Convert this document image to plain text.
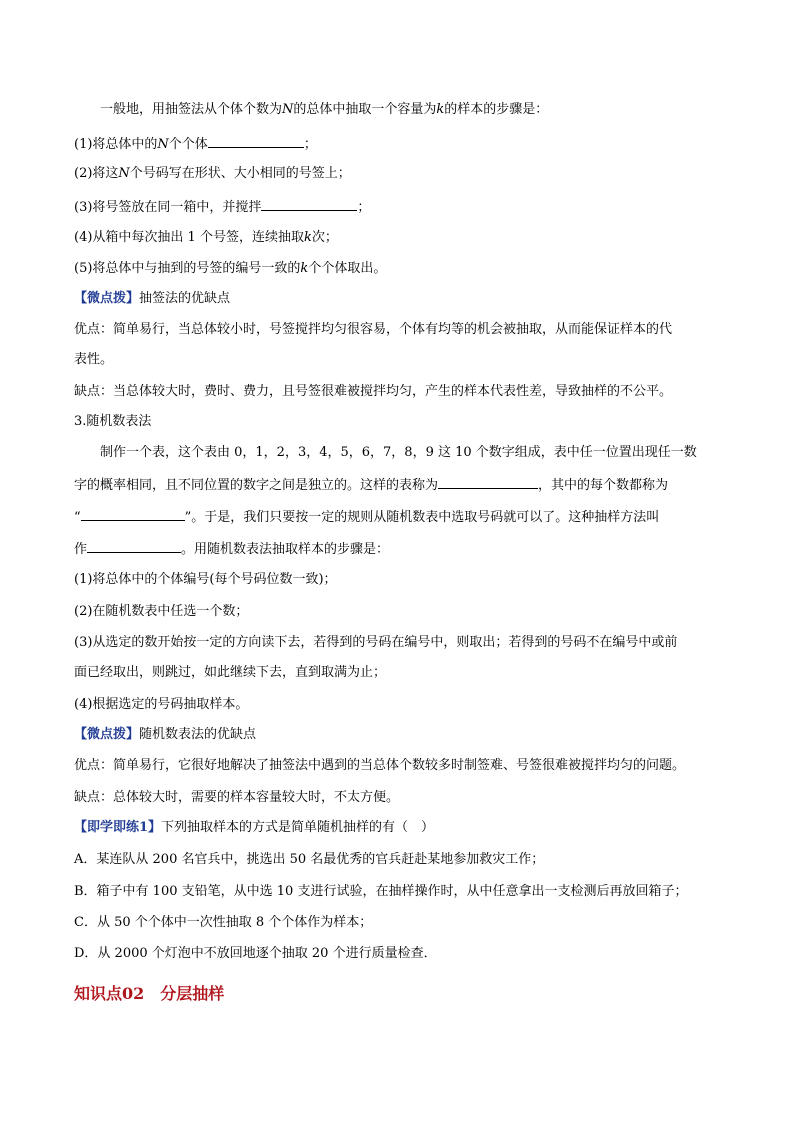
一般地，用抽签法从个体个数为N的总体中抽取一个容量为k的样本的步骤是：
(1)将总体中的N个个体	；
(2)将这N个号码写在形状、大小相同的号签上；
(3)将号签放在同一箱中，并搅拌	；
(4)从箱中每次抽出 1 个号签，连续抽取k次；
(5)将总体中与抽到的号签的编号一致的k个个体取出。
【微点拨】抽签法的优缺点
优点：简单易行，当总体较小时，号签搅拌均匀很容易，个体有均等的机会被抽取，从而能保证样本的代
表性。
缺点：当总体较大时，费时、费力，且号签很难被搅拌均匀，产生的样本代表性差，导致抽样的不公平。
3.随机数表法
制作一个表，这个表由 0，1，2，3，4，5，6，7，8，9 这 10 个数字组成，表中任一位置出现任一数
字的概率相同，且不同位置的数字之间是独立的。这样的表称为	，其中的每个数都称为
“	”。于是，我们只要按一定的规则从随机数表中选取号码就可以了。这种抽样方法叫
作	。用随机数表法抽取样本的步骤是：
(1)将总体中的个体编号(每个号码位数一致)；
(2)在随机数表中任选一个数；
(3)从选定的数开始按一定的方向读下去，若得到的号码在编号中，则取出；若得到的号码不在编号中或前
面已经取出，则跳过，如此继续下去，直到取满为止；
(4)根据选定的号码抽取样本。
【微点拨】随机数表法的优缺点
优点：简单易行，它很好地解决了抽签法中遇到的当总体个数较多时制签难、号签很难被搅拌均匀的问题。
缺点：总体较大时，需要的样本容量较大时，不太方便。
【即学即练1】下列抽取样本的方式是简单随机抽样的有（　）
A．某连队从 200 名官兵中，挑选出 50 名最优秀的官兵赶赴某地参加救灾工作；
B．箱子中有 100 支铅笔，从中选 10 支进行试验，在抽样操作时，从中任意拿出一支检测后再放回箱子；
C．从 50 个个体中一次性抽取 8 个个体作为样本；
D．从 2000 个灯泡中不放回地逐个抽取 20 个进行质量检查．
知识点02　分层抽样
